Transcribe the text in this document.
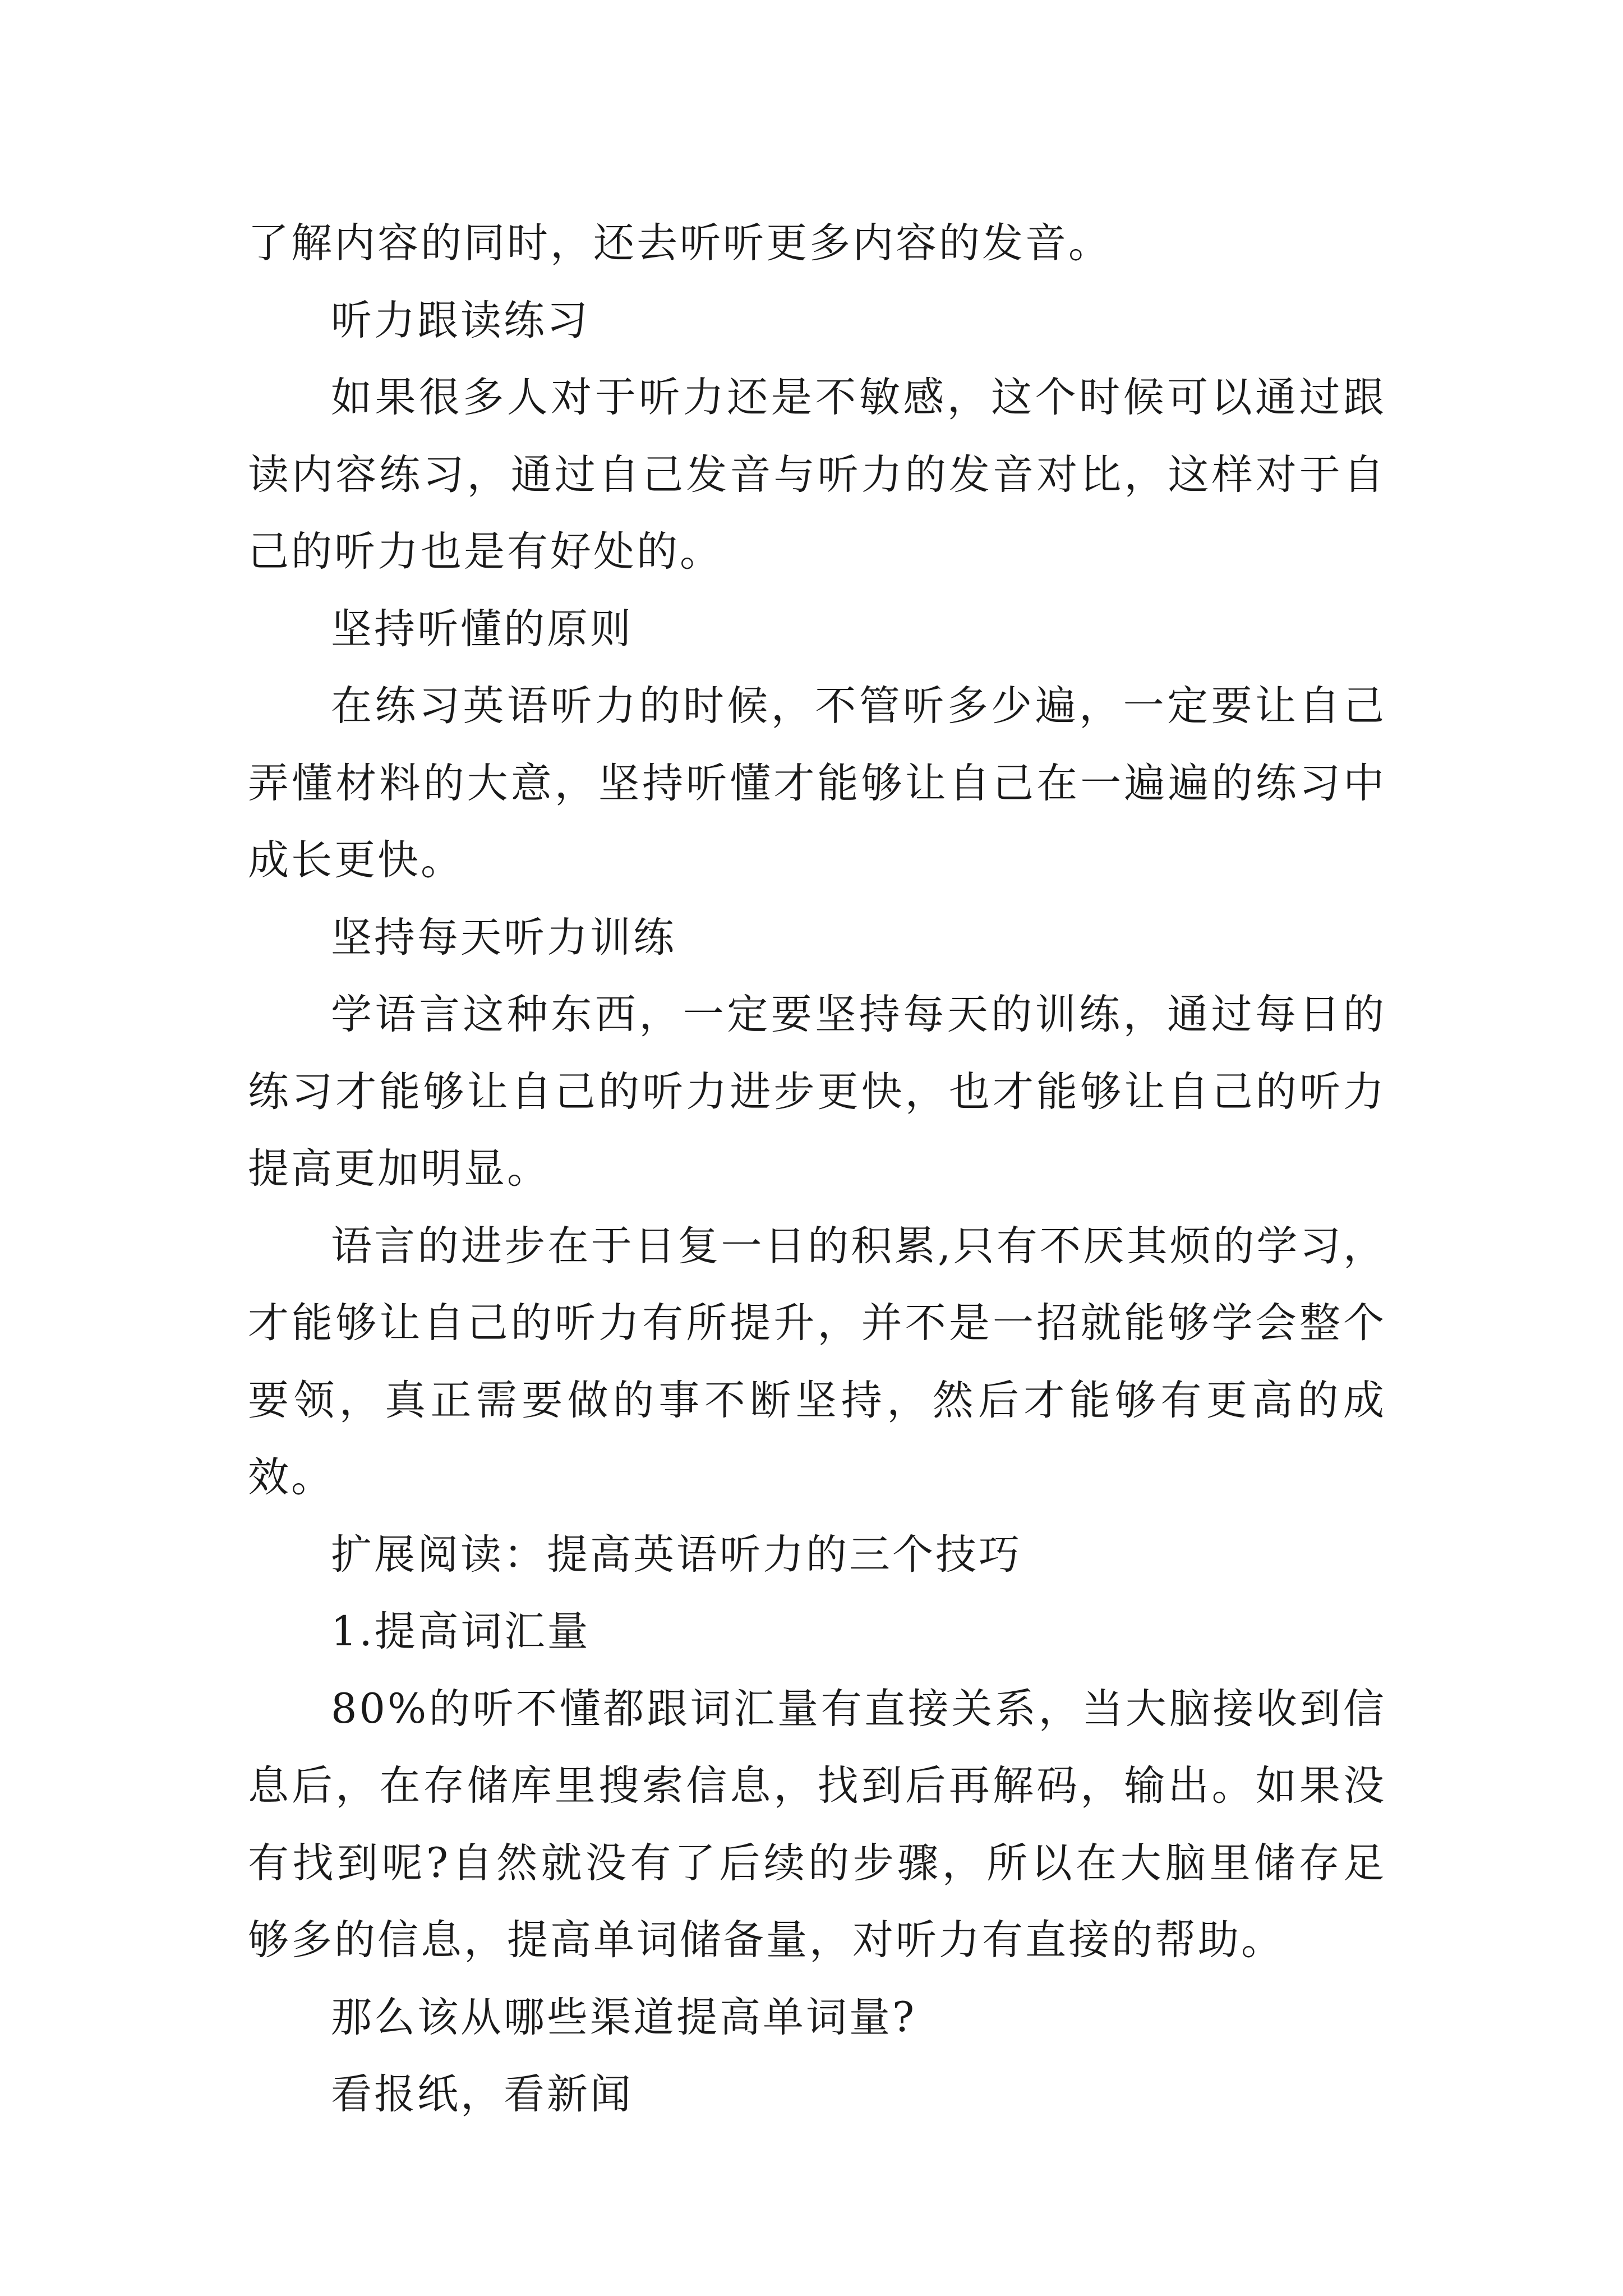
了解内容的同时，还去听听更多内容的发音。

听力跟读练习

如果很多人对于听力还是不敏感，这个时候可以通过跟读内容练习，通过自己发音与听力的发音对比，这样对于自己的听力也是有好处的。

坚持听懂的原则

在练习英语听力的时候，不管听多少遍，一定要让自己弄懂材料的大意，坚持听懂才能够让自己在一遍遍的练习中成长更快。

坚持每天听力训练

学语言这种东西，一定要坚持每天的训练，通过每日的练习才能够让自己的听力进步更快，也才能够让自己的听力提高更加明显。

语言的进步在于日复一日的积累,只有不厌其烦的学习，才能够让自己的听力有所提升，并不是一招就能够学会整个要领，真正需要做的事不断坚持，然后才能够有更高的成效。

扩展阅读：提高英语听力的三个技巧

1.提高词汇量

80%的听不懂都跟词汇量有直接关系，当大脑接收到信息后，在存储库里搜索信息，找到后再解码，输出。如果没有找到呢?自然就没有了后续的步骤，所以在大脑里储存足够多的信息，提高单词储备量，对听力有直接的帮助。

那么该从哪些渠道提高单词量?

看报纸，看新闻
